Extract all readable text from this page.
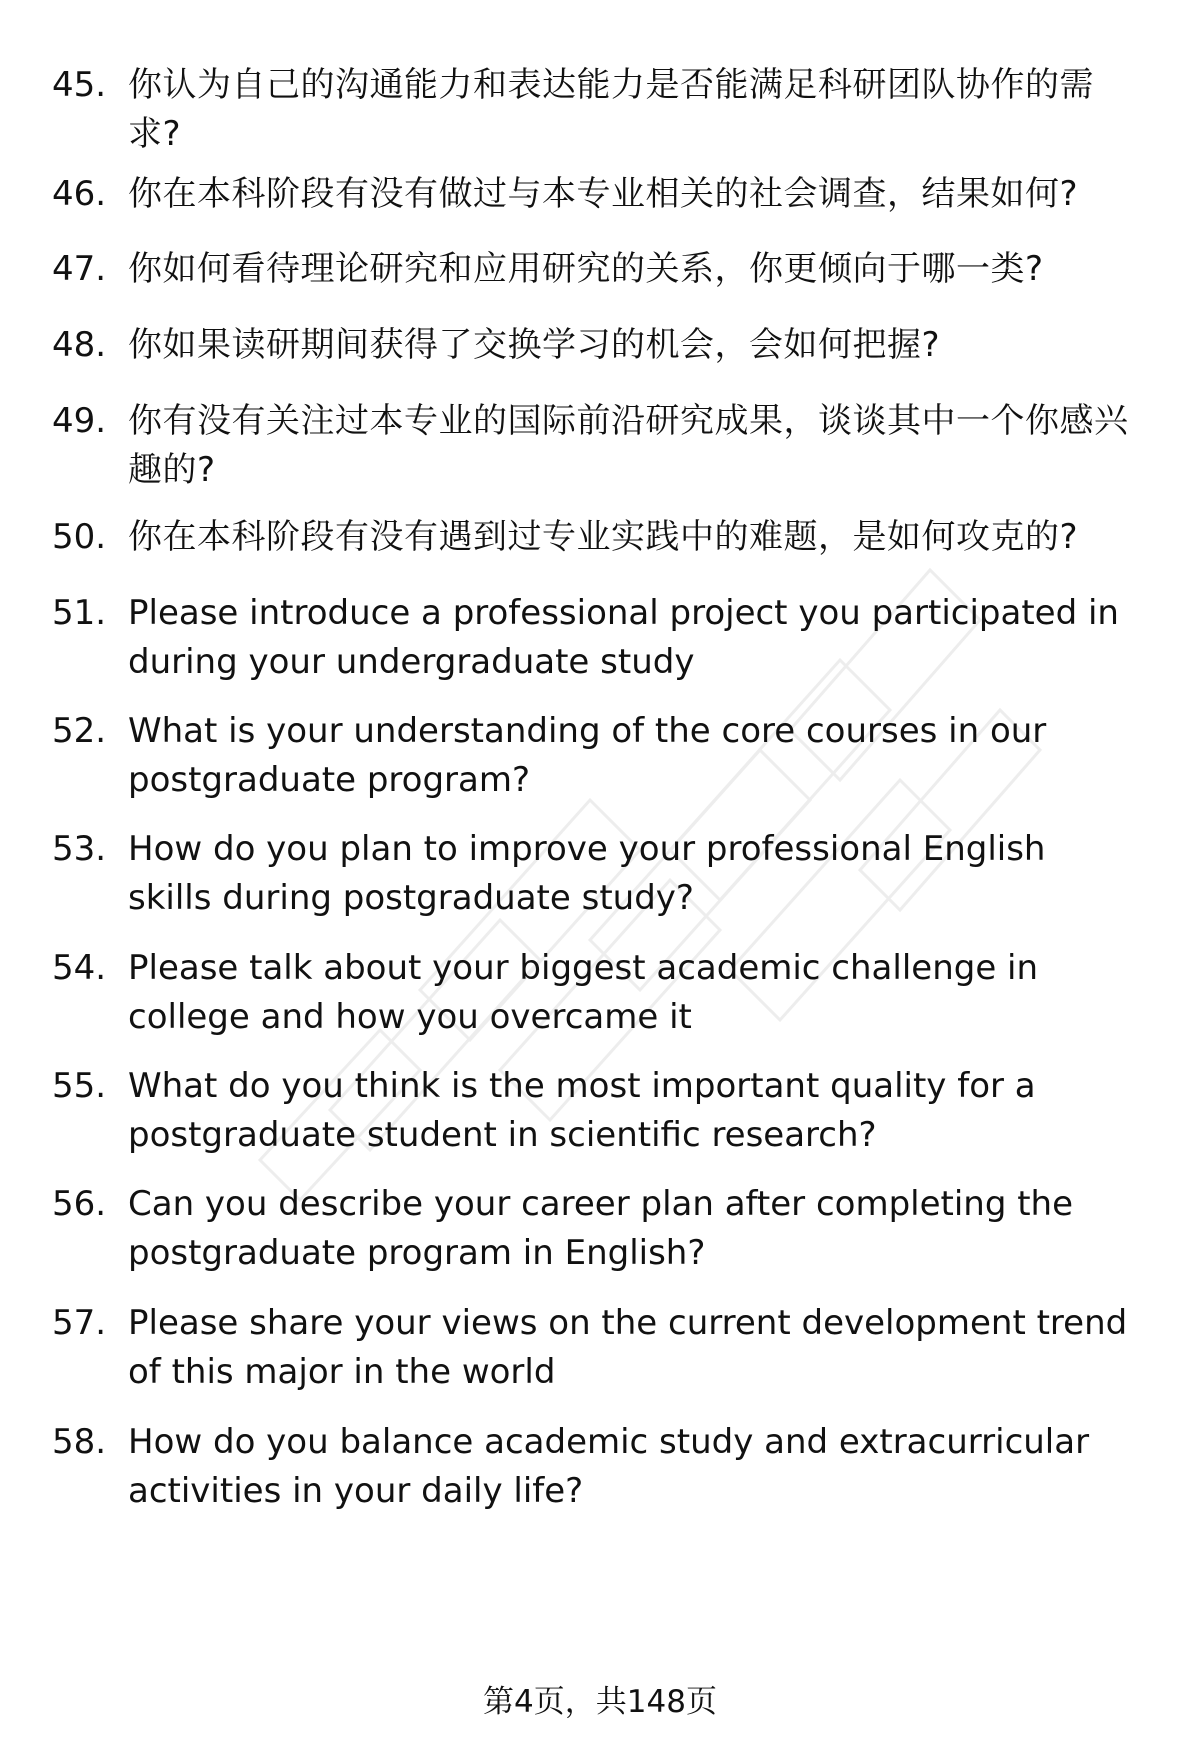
45. 你认为自己的沟通能力和表达能力是否能满足科研团队协作的需求?
46. 你在本科阶段有没有做过与本专业相关的社会调查，结果如何?
47. 你如何看待理论研究和应用研究的关系，你更倾向于哪一类?
48. 你如果读研期间获得了交换学习的机会，会如何把握?
49. 你有没有关注过本专业的国际前沿研究成果，谈谈其中一个你感兴趣的?
50. 你在本科阶段有没有遇到过专业实践中的难题，是如何攻克的?
51. Please introduce a professional project you participated in during your undergraduate study
52. What is your understanding of the core courses in our postgraduate program?
53. How do you plan to improve your professional English skills during postgraduate study?
54. Please talk about your biggest academic challenge in college and how you overcame it
55. What do you think is the most important quality for a postgraduate student in scientific research?
56. Can you describe your career plan after completing the postgraduate program in English?
57. Please share your views on the current development trend of this major in the world
58. How do you balance academic study and extracurricular activities in your daily life?
第4页，共148页
